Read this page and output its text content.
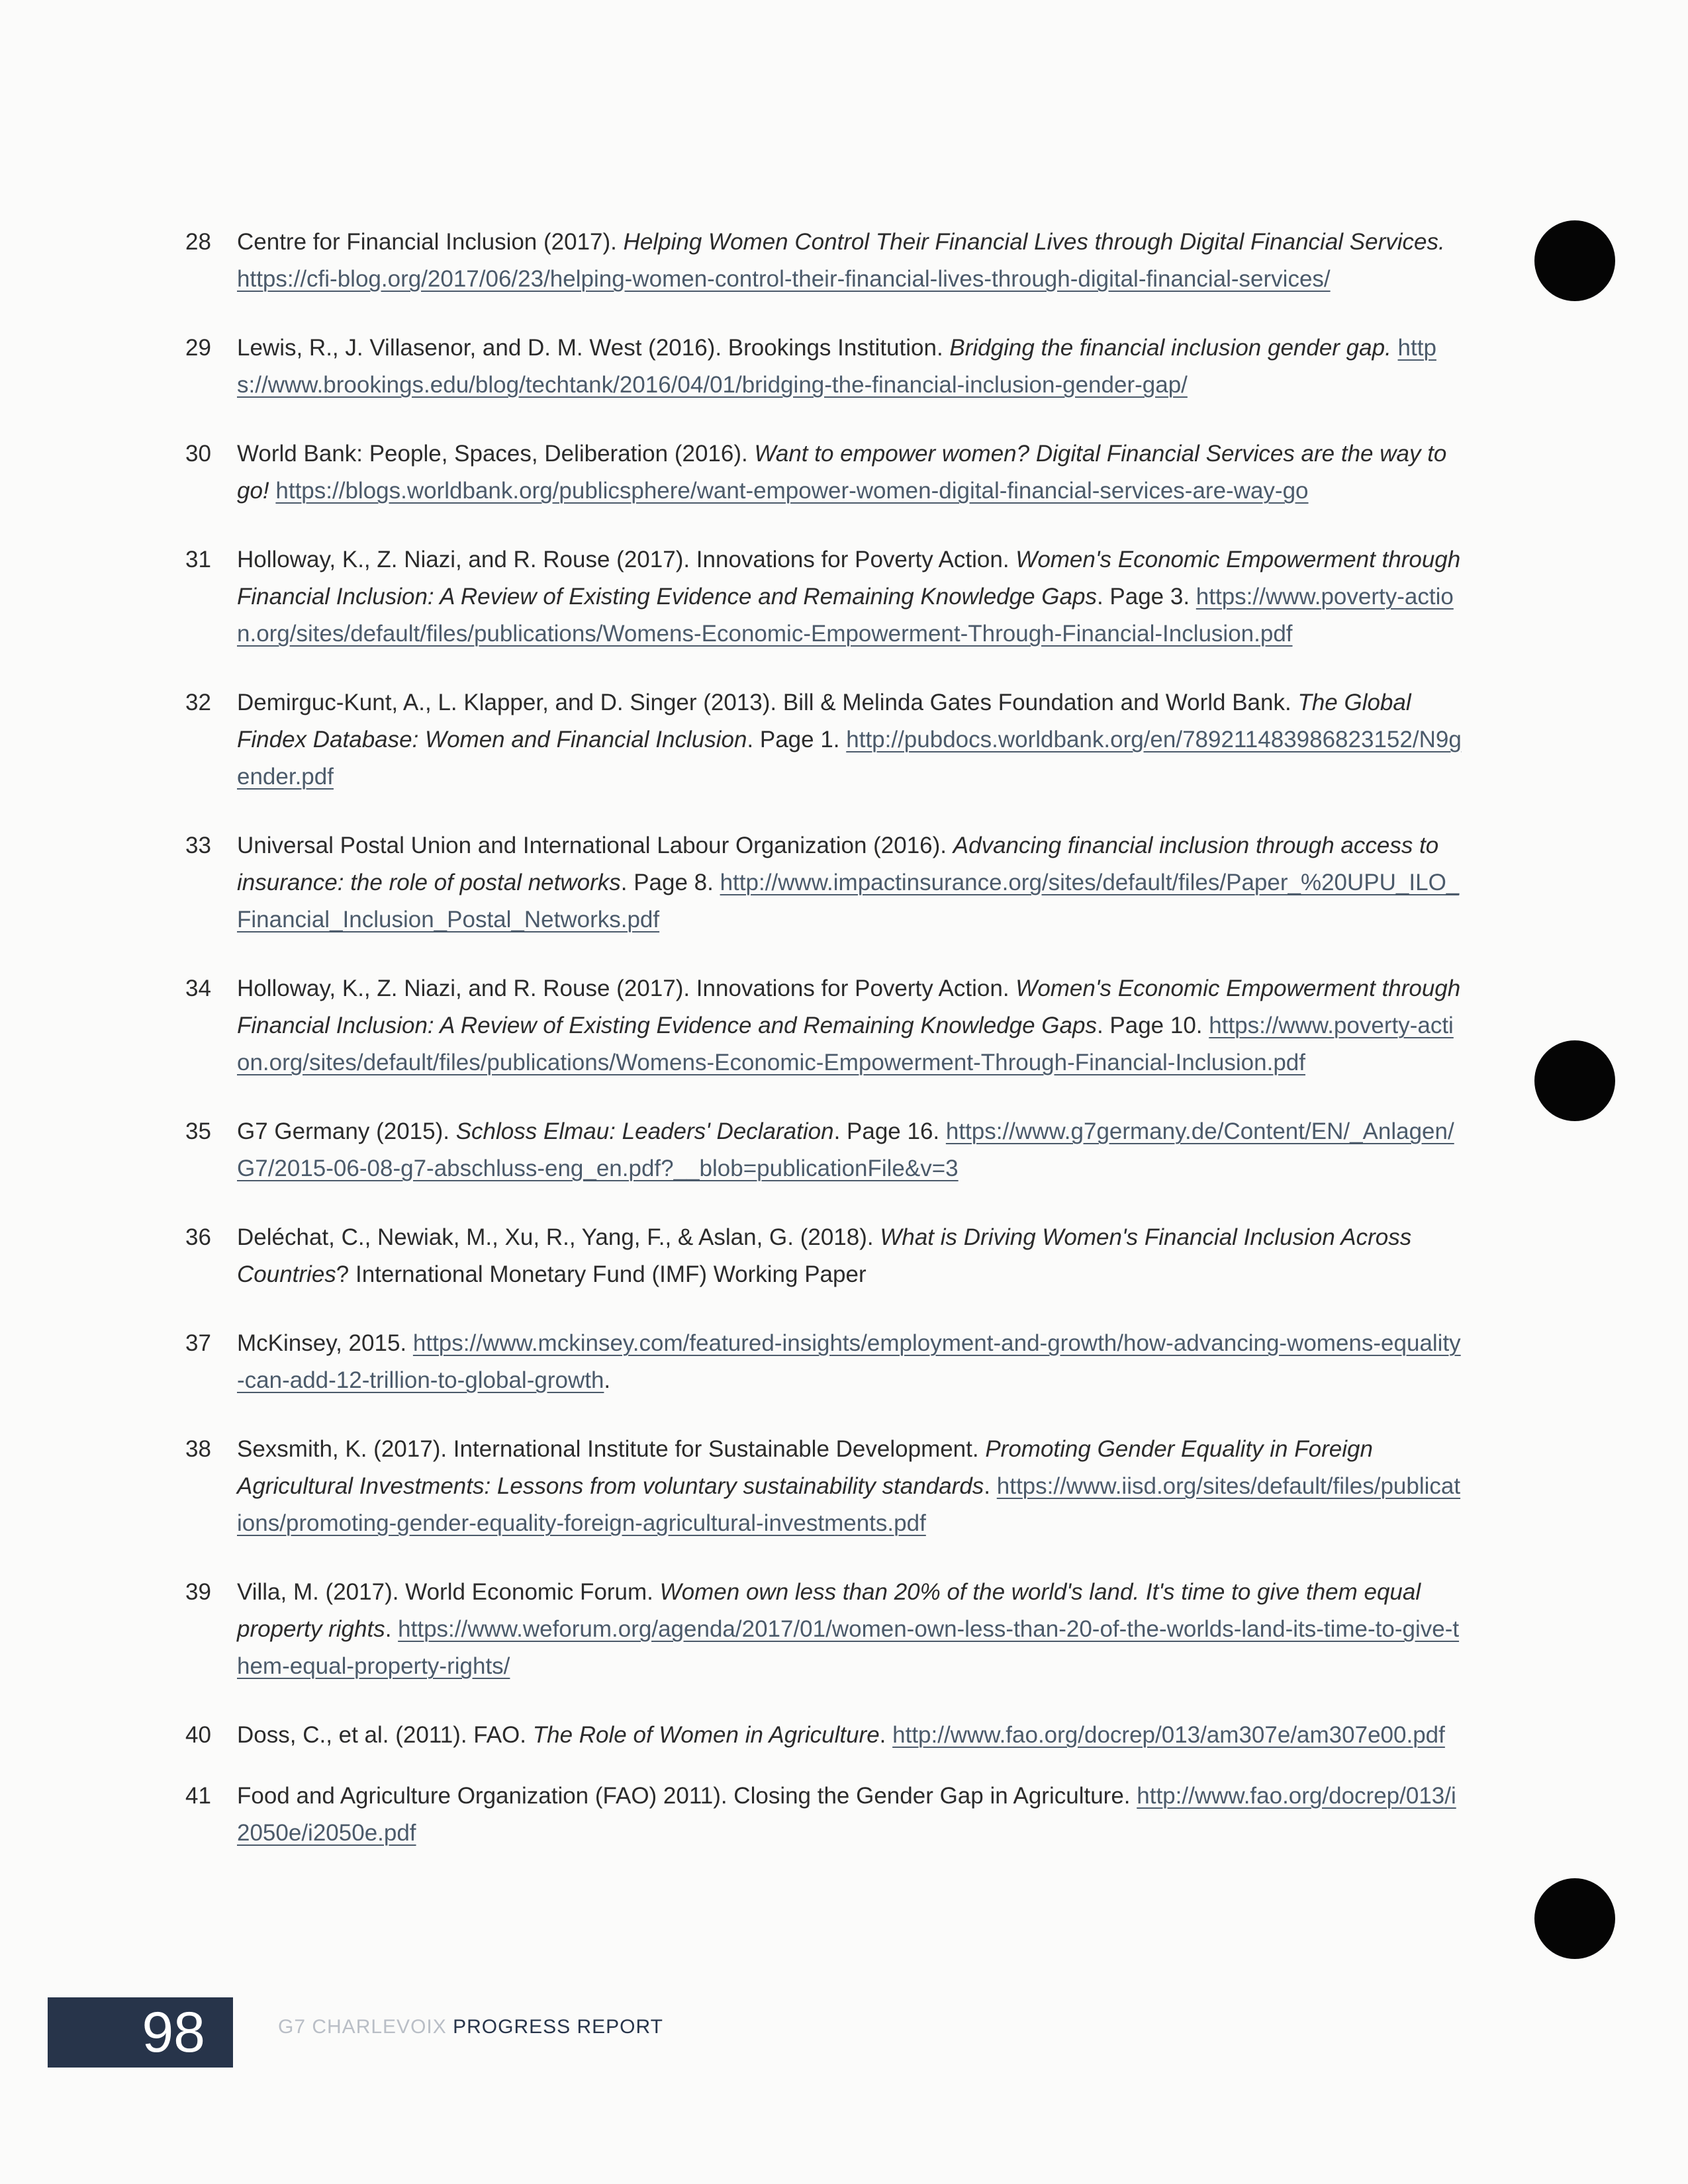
28	Centre for Financial Inclusion (2017). Helping Women Control Their Financial Lives through Digital Financial Services. https://cfi-blog.org/2017/06/23/helping-women-control-their-financial-lives-through-digital-financial-services/
29	Lewis, R., J. Villasenor, and D. M. West (2016). Brookings Institution. Bridging the financial inclusion gender gap. https://www.brookings.edu/blog/techtank/2016/04/01/bridging-the-financial-inclusion-gender-gap/
30	World Bank: People, Spaces, Deliberation (2016). Want to empower women? Digital Financial Services are the way to go! https://blogs.worldbank.org/publicsphere/want-empower-women-digital-financial-services-are-way-go
31	Holloway, K., Z. Niazi, and R. Rouse (2017). Innovations for Poverty Action. Women's Economic Empowerment through Financial Inclusion: A Review of Existing Evidence and Remaining Knowledge Gaps. Page 3. https://www.poverty-action.org/sites/default/files/publications/Womens-Economic-Empowerment-Through-Financial-Inclusion.pdf
32	Demirguc-Kunt, A., L. Klapper, and D. Singer (2013). Bill & Melinda Gates Foundation and World Bank. The Global Findex Database: Women and Financial Inclusion. Page 1. http://pubdocs.worldbank.org/en/789211483986823152/N9gender.pdf
33	Universal Postal Union and International Labour Organization (2016). Advancing financial inclusion through access to insurance: the role of postal networks. Page 8. http://www.impactinsurance.org/sites/default/files/Paper_%20UPU_ILO_Financial_Inclusion_Postal_Networks.pdf
34	Holloway, K., Z. Niazi, and R. Rouse (2017). Innovations for Poverty Action. Women's Economic Empowerment through Financial Inclusion: A Review of Existing Evidence and Remaining Knowledge Gaps. Page 10. https://www.poverty-action.org/sites/default/files/publications/Womens-Economic-Empowerment-Through-Financial-Inclusion.pdf
35	G7 Germany (2015). Schloss Elmau: Leaders' Declaration. Page 16. https://www.g7germany.de/Content/EN/_Anlagen/G7/2015-06-08-g7-abschluss-eng_en.pdf?__blob=publicationFile&v=3
36	Deléchat, C., Newiak, M., Xu, R., Yang, F., & Aslan, G. (2018). What is Driving Women's Financial Inclusion Across Countries? International Monetary Fund (IMF) Working Paper
37	McKinsey, 2015. https://www.mckinsey.com/featured-insights/employment-and-growth/how-advancing-womens-equality-can-add-12-trillion-to-global-growth.
38	Sexsmith, K. (2017). International Institute for Sustainable Development. Promoting Gender Equality in Foreign Agricultural Investments: Lessons from voluntary sustainability standards. https://www.iisd.org/sites/default/files/publications/promoting-gender-equality-foreign-agricultural-investments.pdf
39	Villa, M. (2017). World Economic Forum. Women own less than 20% of the world's land. It's time to give them equal property rights. https://www.weforum.org/agenda/2017/01/women-own-less-than-20-of-the-worlds-land-its-time-to-give-them-equal-property-rights/
40	Doss, C., et al. (2011). FAO. The Role of Women in Agriculture. http://www.fao.org/docrep/013/am307e/am307e00.pdf
41	Food and Agriculture Organization (FAO) 2011). Closing the Gender Gap in Agriculture. http://www.fao.org/docrep/013/i2050e/i2050e.pdf
98	G7 CHARLEVOIX PROGRESS REPORT
